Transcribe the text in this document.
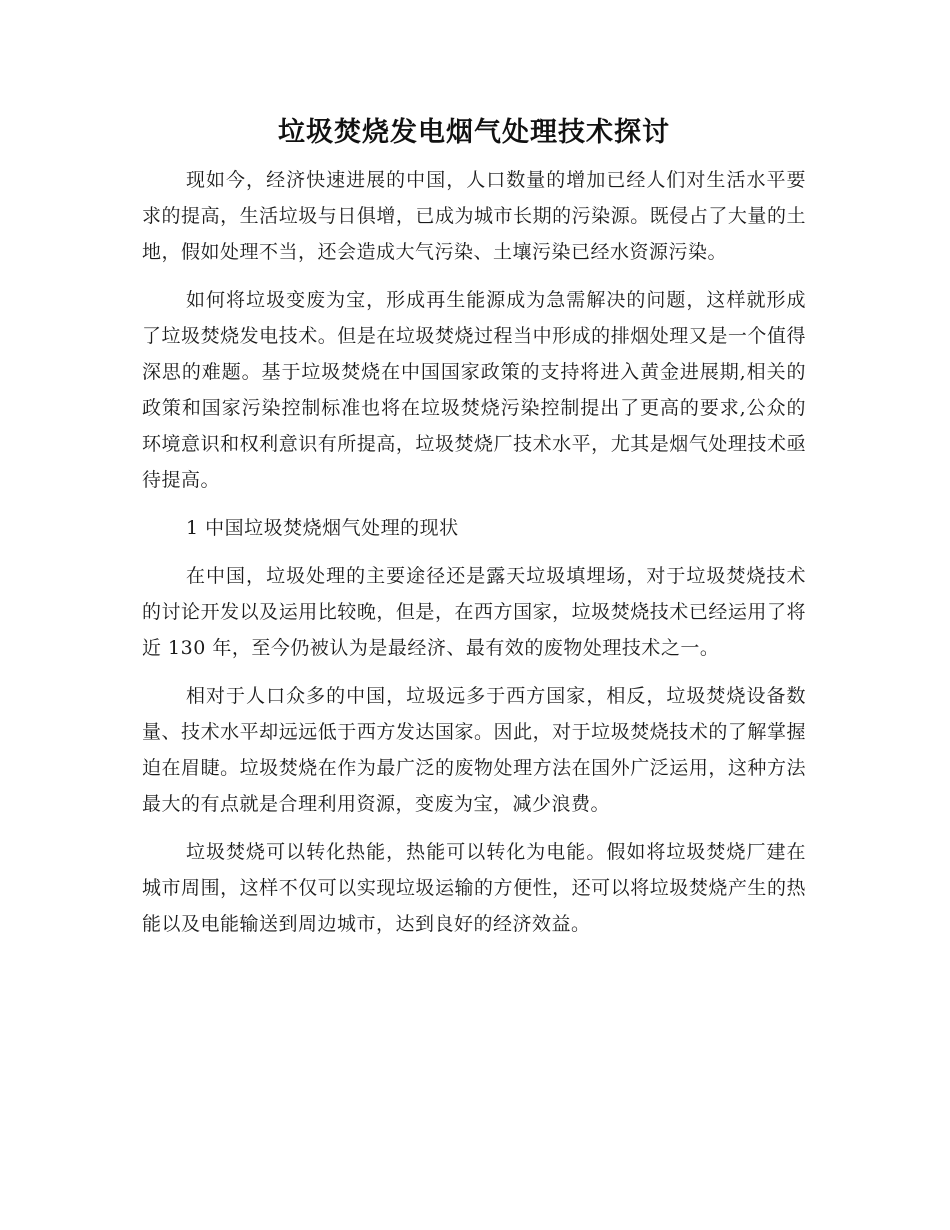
垃圾焚烧发电烟气处理技术探讨

现如今，经济快速进展的中国，人口数量的增加已经人们对生活水平要求的提高，生活垃圾与日俱增，已成为城市长期的污染源。既侵占了大量的土地，假如处理不当，还会造成大气污染、土壤污染已经水资源污染。

如何将垃圾变废为宝，形成再生能源成为急需解决的问题，这样就形成了垃圾焚烧发电技术。但是在垃圾焚烧过程当中形成的排烟处理又是一个值得深思的难题。基于垃圾焚烧在中国国家政策的支持将进入黄金进展期,相关的政策和国家污染控制标准也将在垃圾焚烧污染控制提出了更高的要求,公众的环境意识和权利意识有所提高，垃圾焚烧厂技术水平，尤其是烟气处理技术亟待提高。

1 中国垃圾焚烧烟气处理的现状

在中国，垃圾处理的主要途径还是露天垃圾填埋场，对于垃圾焚烧技术的讨论开发以及运用比较晚，但是，在西方国家，垃圾焚烧技术已经运用了将近 130 年，至今仍被认为是最经济、最有效的废物处理技术之一。

相对于人口众多的中国，垃圾远多于西方国家，相反，垃圾焚烧设备数量、技术水平却远远低于西方发达国家。因此，对于垃圾焚烧技术的了解掌握迫在眉睫。垃圾焚烧在作为最广泛的废物处理方法在国外广泛运用，这种方法最大的有点就是合理利用资源，变废为宝，减少浪费。

垃圾焚烧可以转化热能，热能可以转化为电能。假如将垃圾焚烧厂建在城市周围，这样不仅可以实现垃圾运输的方便性，还可以将垃圾焚烧产生的热能以及电能输送到周边城市，达到良好的经济效益。
